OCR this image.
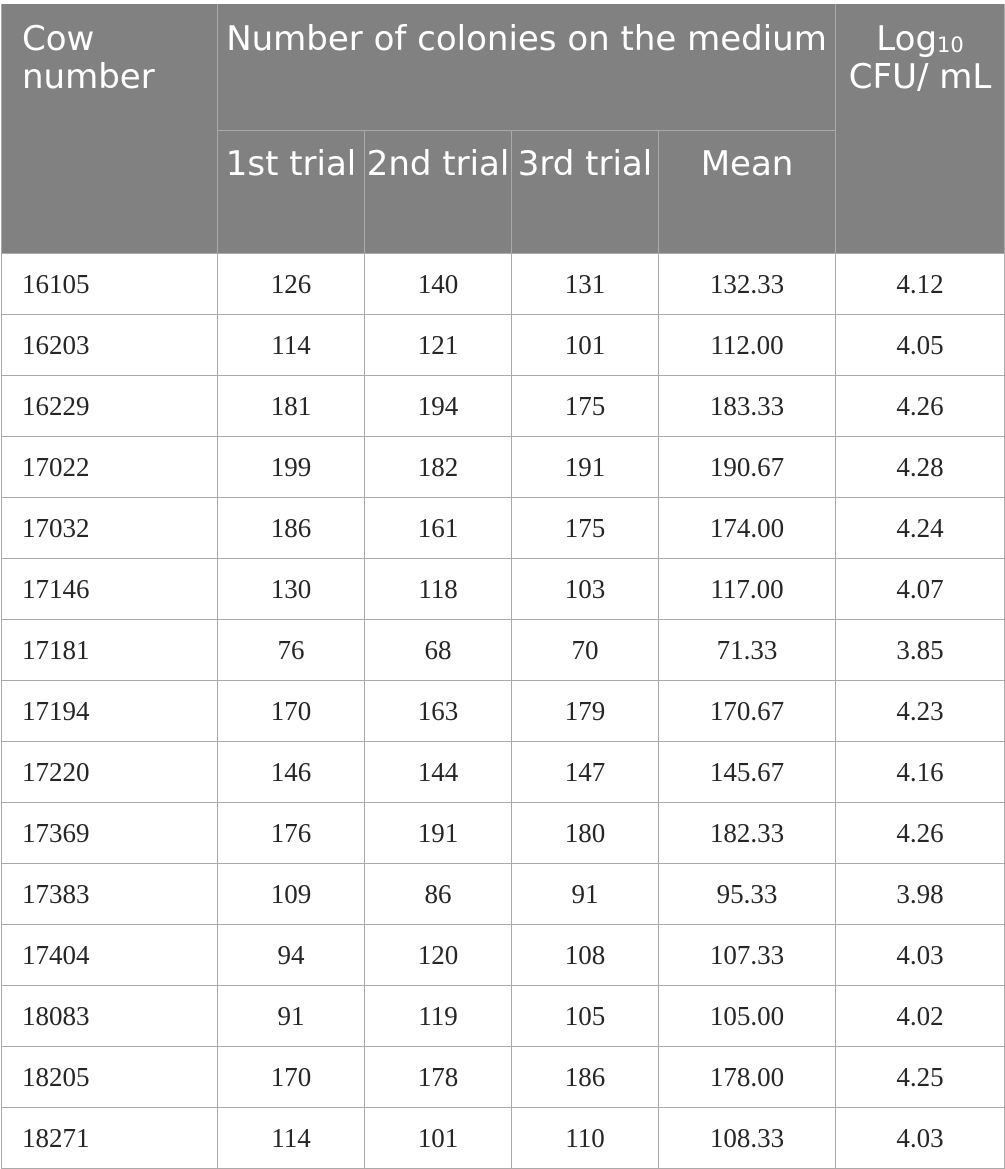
Cow number	Number of colonies on the medium				Log$_{10}$
CFU/ mL
	1st trial	2nd trial	3rd trial	Mean	
16105	126	140	131	132.33	4.12
16203	114	121	101	112.00	4.05
16229	181	194	175	183.33	4.26
17022	199	182	191	190.67	4.28
17032	186	161	175	174.00	4.24
17146	130	118	103	117.00	4.07
17181	76	68	70	71.33	3.85
17194	170	163	179	170.67	4.23
17220	146	144	147	145.67	4.16
17369	176	191	180	182.33	4.26
17383	109	86	91	95.33	3.98
17404	94	120	108	107.33	4.03
18083	91	119	105	105.00	4.02
18205	170	178	186	178.00	4.25
18271	114	101	110	108.33	4.03
